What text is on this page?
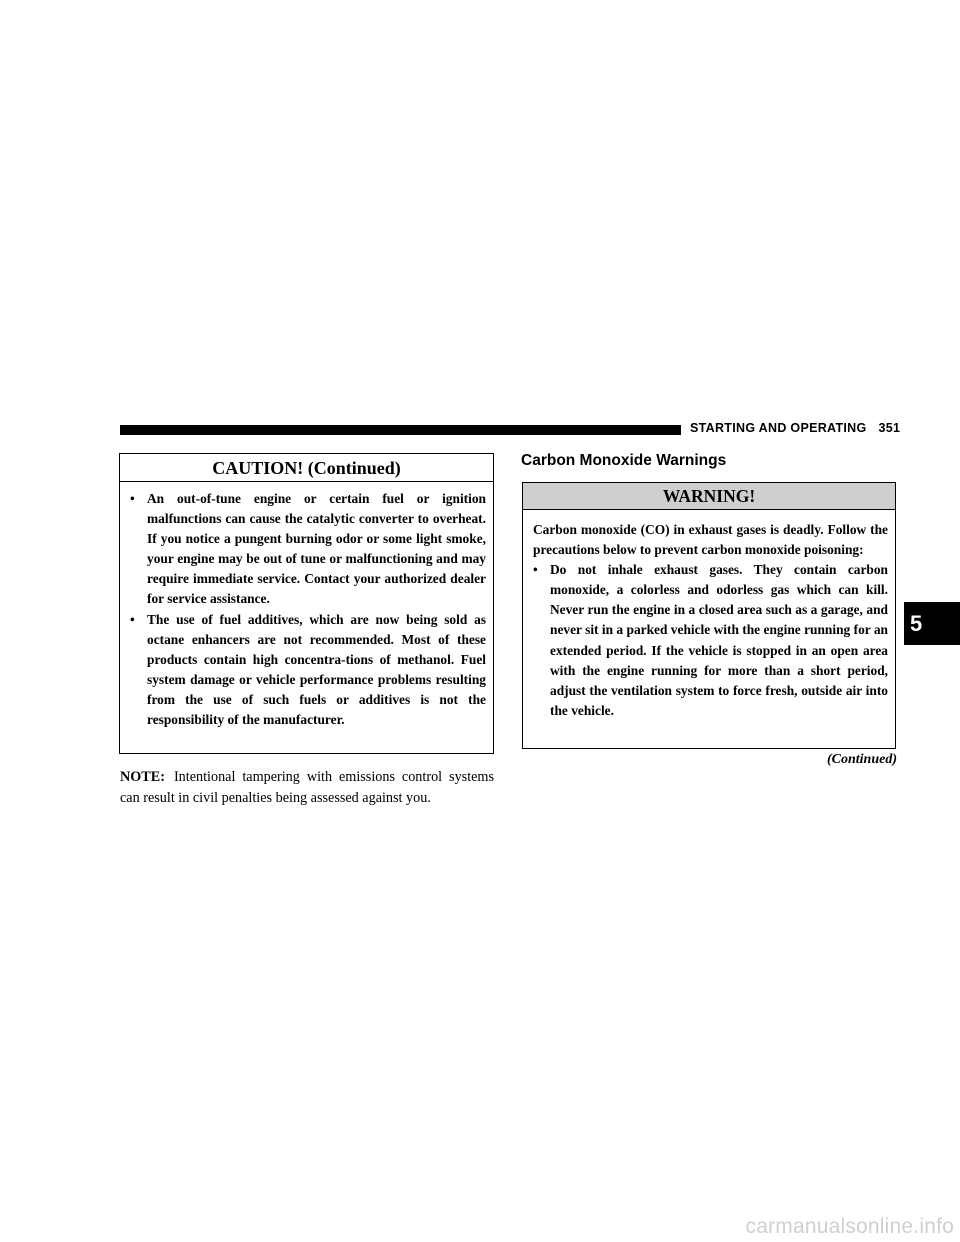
STARTING AND OPERATING 351
CAUTION! (Continued)
• An out-of-tune engine or certain fuel or ignition malfunctions can cause the catalytic converter to overheat. If you notice a pungent burning odor or some light smoke, your engine may be out of tune or malfunctioning and may require immediate service. Contact your authorized dealer for service assistance.
• The use of fuel additives, which are now being sold as octane enhancers are not recommended. Most of these products contain high concentra-tions of methanol. Fuel system damage or vehicle performance problems resulting from the use of such fuels or additives is not the responsibility of the manufacturer.
NOTE: Intentional tampering with emissions control systems can result in civil penalties being assessed against you.
Carbon Monoxide Warnings
WARNING!
Carbon monoxide (CO) in exhaust gases is deadly. Follow the precautions below to prevent carbon monoxide poisoning:
• Do not inhale exhaust gases. They contain carbon monoxide, a colorless and odorless gas which can kill. Never run the engine in a closed area such as a garage, and never sit in a parked vehicle with the engine running for an extended period. If the vehicle is stopped in an open area with the engine running for more than a short period, adjust the ventilation system to force fresh, outside air into the vehicle.
(Continued)
5
carmanualsonline.info
